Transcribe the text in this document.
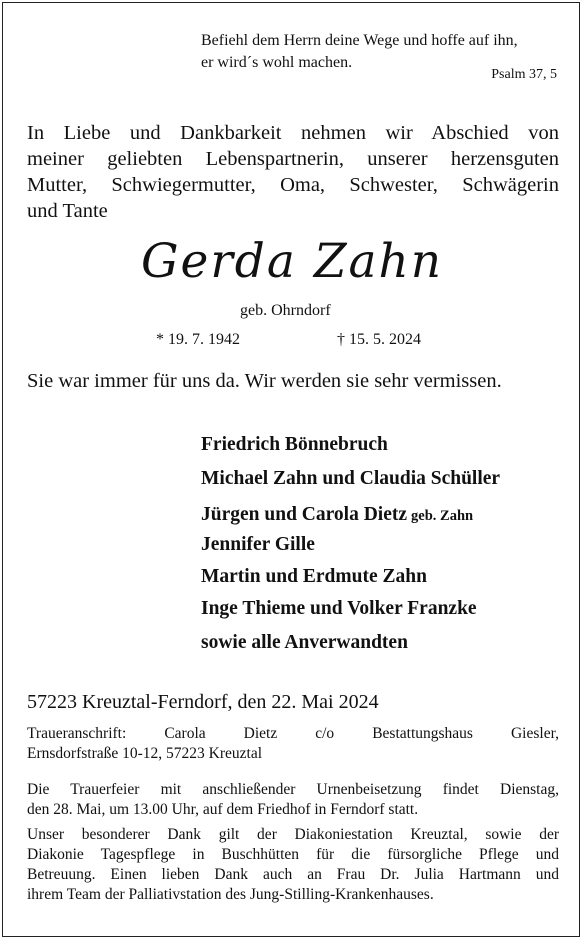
Befiehl dem Herrn deine Wege und hoffe auf ihn,
er wird´s wohl machen.
Psalm 37, 5
In Liebe und Dankbarkeit nehmen wir Abschied von
meiner geliebten Lebenspartnerin, unserer herzensguten
Mutter, Schwiegermutter, Oma, Schwester, Schwägerin
und Tante
Gerda Zahn
geb. Ohrndorf
* 19. 7. 1942	† 15. 5. 2024
Sie war immer für uns da. Wir werden sie sehr vermissen.
Friedrich Bönnebruch
Michael Zahn und Claudia Schüller
Jürgen und Carola Dietz geb. Zahn
Jennifer Gille
Martin und Erdmute Zahn
Inge Thieme und Volker Franzke
sowie alle Anverwandten
57223 Kreuztal-Ferndorf, den 22. Mai 2024
Traueranschrift: Carola Dietz c/o Bestattungshaus Giesler,
Ernsdorfstraße 10-12, 57223 Kreuztal
Die Trauerfeier mit anschließender Urnenbeisetzung findet Dienstag,
den 28. Mai, um 13.00 Uhr, auf dem Friedhof in Ferndorf statt.
Unser besonderer Dank gilt der Diakoniestation Kreuztal, sowie der
Diakonie Tagespflege in Buschhütten für die fürsorgliche Pflege und
Betreuung. Einen lieben Dank auch an Frau Dr. Julia Hartmann und
ihrem Team der Palliativstation des Jung-Stilling-Krankenhauses.
